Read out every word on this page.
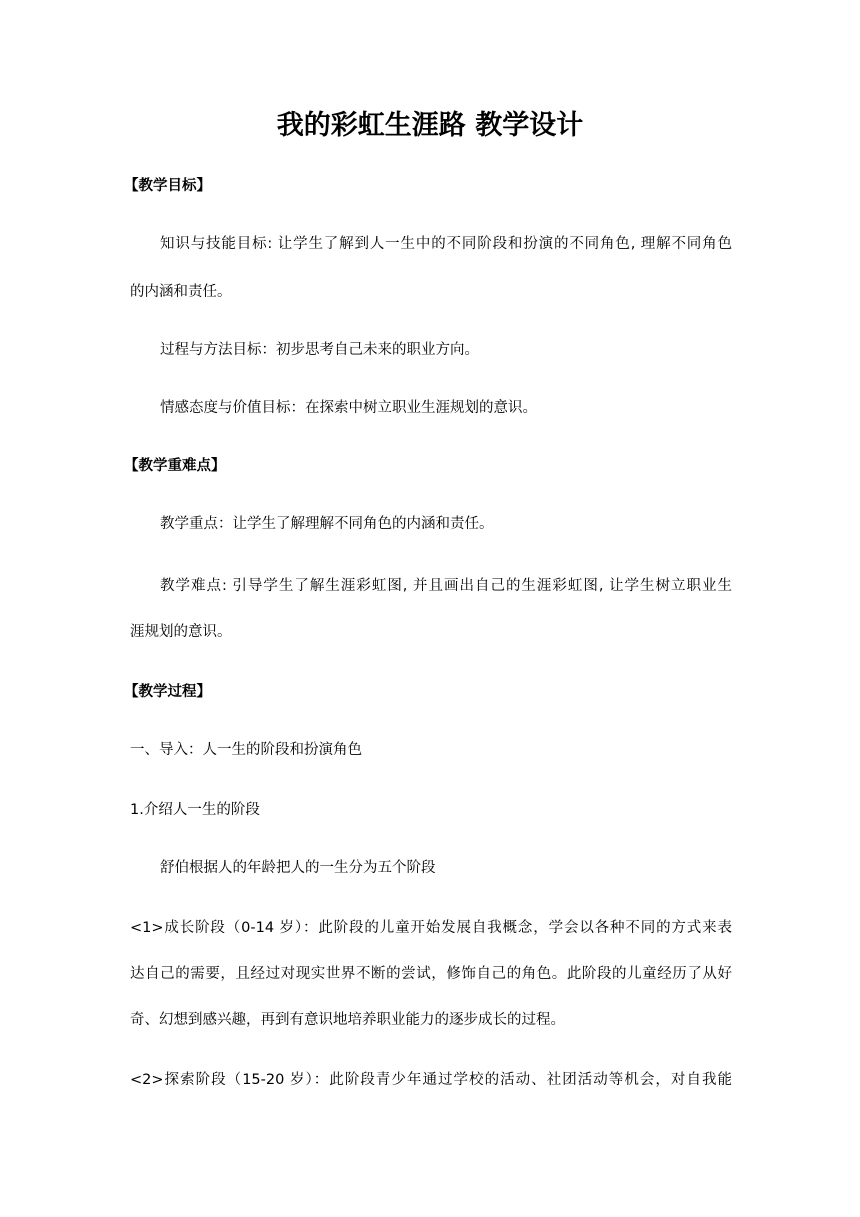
我的彩虹生涯路 教学设计

【教学目标】

知识与技能目标: 让学生了解到人一生中的不同阶段和扮演的不同角色, 理解不同角色

的内涵和责任。

过程与方法目标：初步思考自己未来的职业方向。

情感态度与价值目标：在探索中树立职业生涯规划的意识。

【教学重难点】

教学重点：让学生了解理解不同角色的内涵和责任。

教学难点: 引导学生了解生涯彩虹图, 并且画出自己的生涯彩虹图, 让学生树立职业生

涯规划的意识。

【教学过程】

一、导入：人一生的阶段和扮演角色

1.介绍人一生的阶段

舒伯根据人的年龄把人的一生分为五个阶段

<1>成长阶段（0-14 岁）：此阶段的儿童开始发展自我概念，学会以各种不同的方式来表

达自己的需要，且经过对现实世界不断的尝试，修饰自己的角色。此阶段的儿童经历了从好

奇、幻想到感兴趣，再到有意识地培养职业能力的逐步成长的过程。

<2>探索阶段（15-20 岁）：此阶段青少年通过学校的活动、社团活动等机会，对自我能
